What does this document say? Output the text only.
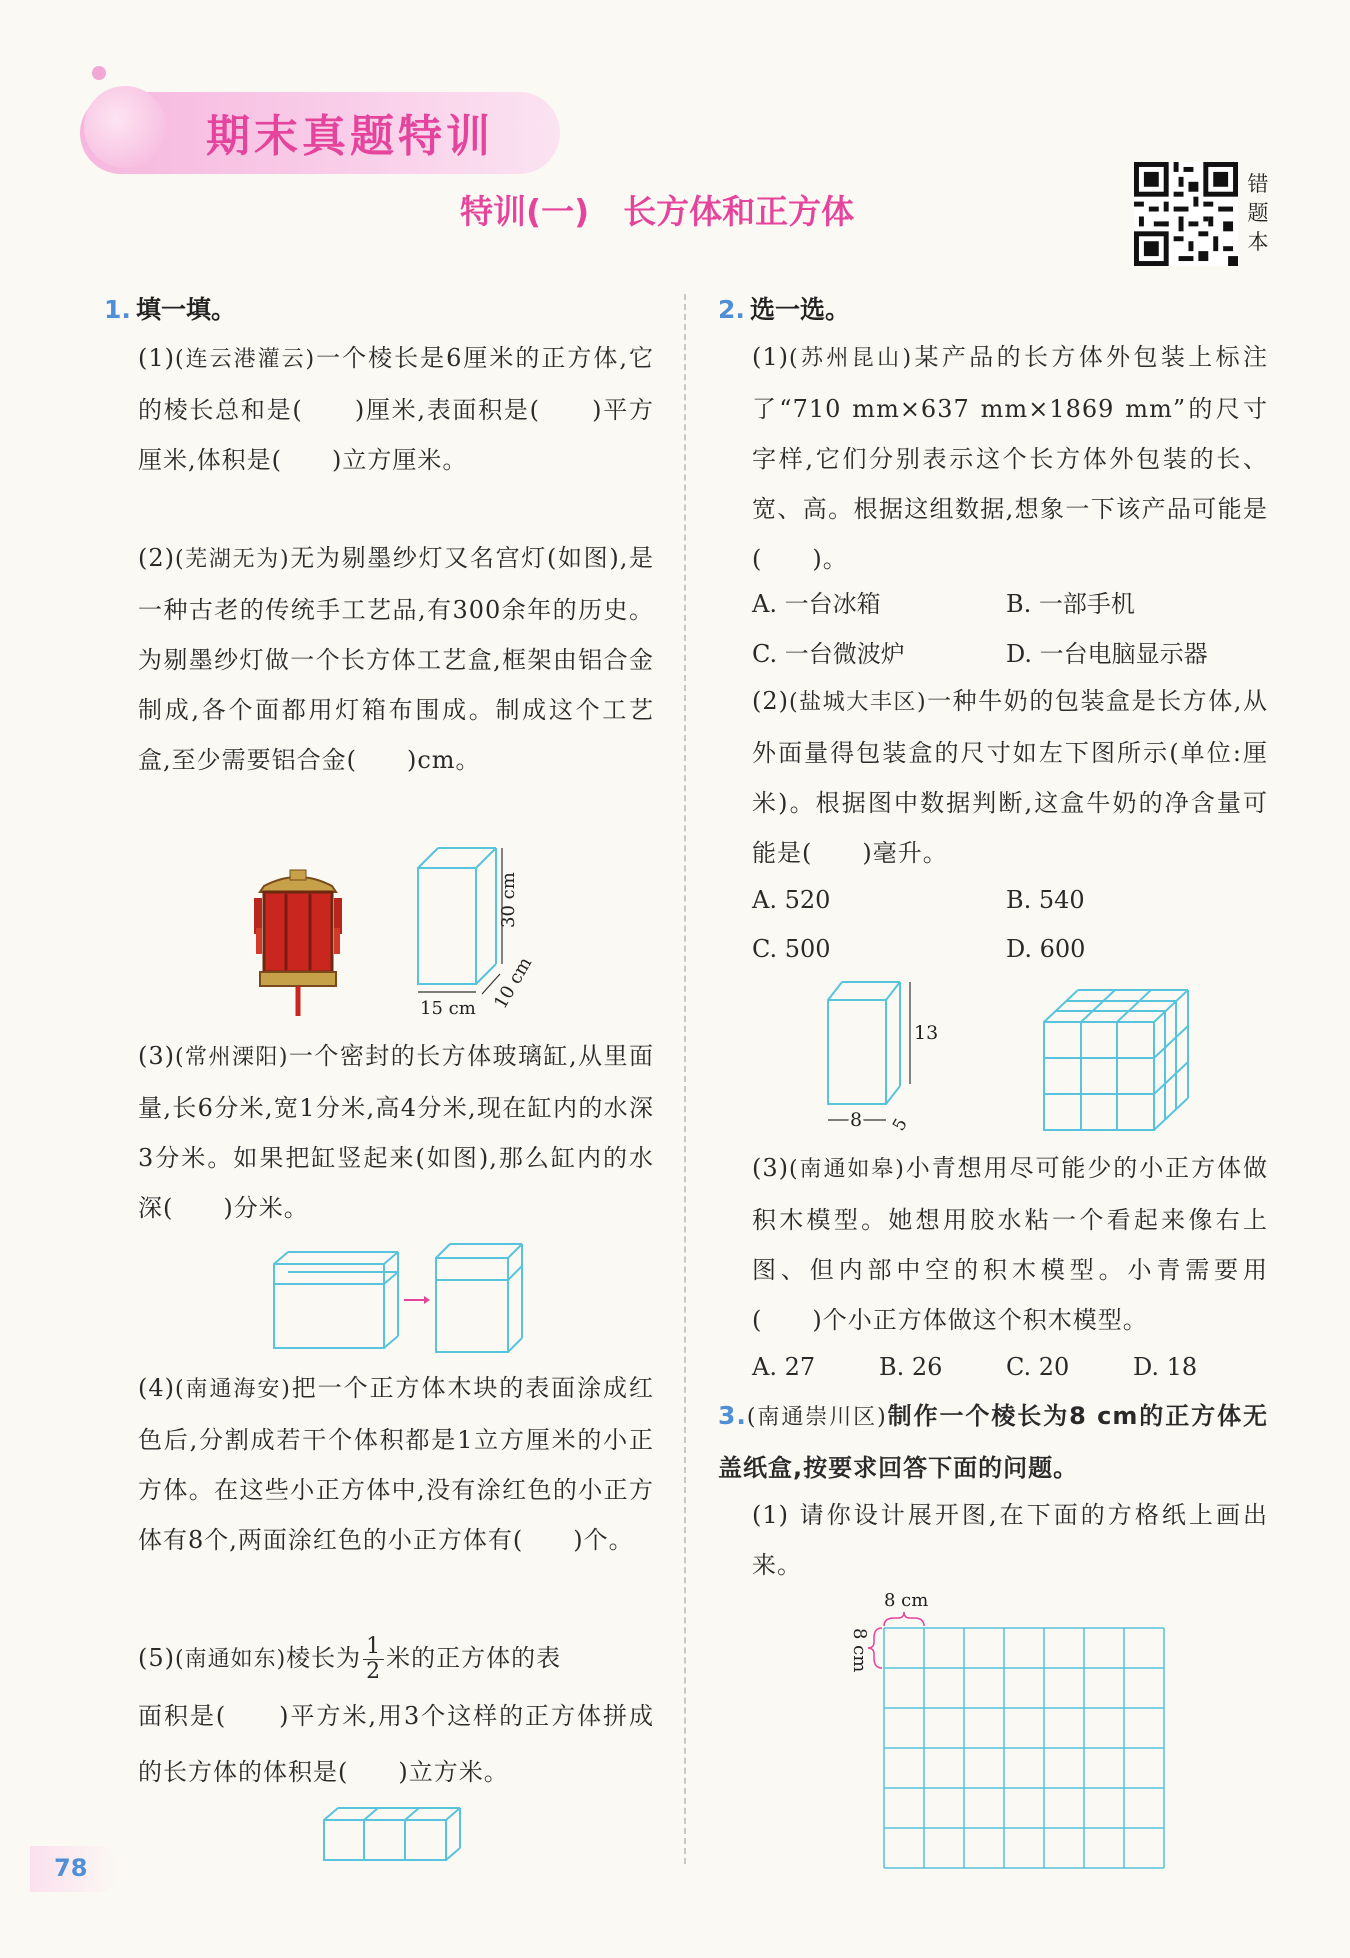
期末真题特训
特训(一) 长方体和正方体
错
题
本
1. 填一填。
(1)(连云港灌云)一个棱长是6厘米的正方体,它的棱长总和是(　　)厘米,表面积是(　　)平方厘米,体积是(　　)立方厘米。
(2)(芜湖无为)无为剔墨纱灯又名宫灯(如图),是一种古老的传统手工艺品,有300余年的历史。为剔墨纱灯做一个长方体工艺盒,框架由铝合金制成,各个面都用灯箱布围成。制成这个工艺盒,至少需要铝合金(　　)cm。
30 cm
15 cm 10 cm
(3)(常州溧阳)一个密封的长方体玻璃缸,从里面量,长6分米,宽1分米,高4分米,现在缸内的水深3分米。如果把缸竖起来(如图),那么缸内的水深(　　)分米。
(4)(南通海安)把一个正方体木块的表面涂成红色后,分割成若干个体积都是1立方厘米的小正方体。在这些小正方体中,没有涂红色的小正方体有8个,两面涂红色的小正方体有(　　)个。
(5)(南通如东)棱长为 $\frac{1}{2}$ 米的正方体的表
面积是(　　)平方米,用3个这样的正方体拼成的长方体的体积是(　　)立方米。
78
2. 选一选。
(1)(苏州昆山)某产品的长方体外包装上标注了“710 mm×637 mm×1869 mm”的尺寸字样,它们分别表示这个长方体外包装的长、宽、高。根据这组数据,想象一下该产品可能是(　　)。
A. 一台冰箱	B. 一部手机
C. 一台微波炉	D. 一台电脑显示器
(2)(盐城大丰区)一种牛奶的包装盒是长方体,从外面量得包装盒的尺寸如左下图所示(单位:厘米)。根据图中数据判断,这盒牛奶的净含量可能是(　　)毫升。
A. 520	B. 540
C. 500	D. 600
13
8 5
(3)(南通如皋)小青想用尽可能少的小正方体做积木模型。她想用胶水粘一个看起来像右上图、但内部中空的积木模型。小青需要用(　　)个小正方体做这个积木模型。
A. 27	B. 26	C. 20	D. 18
3.(南通崇川区)制作一个棱长为8 cm的正方体无盖纸盒,按要求回答下面的问题。
(1) 请你设计展开图,在下面的方格纸上画出来。
8 cm
8 cm
